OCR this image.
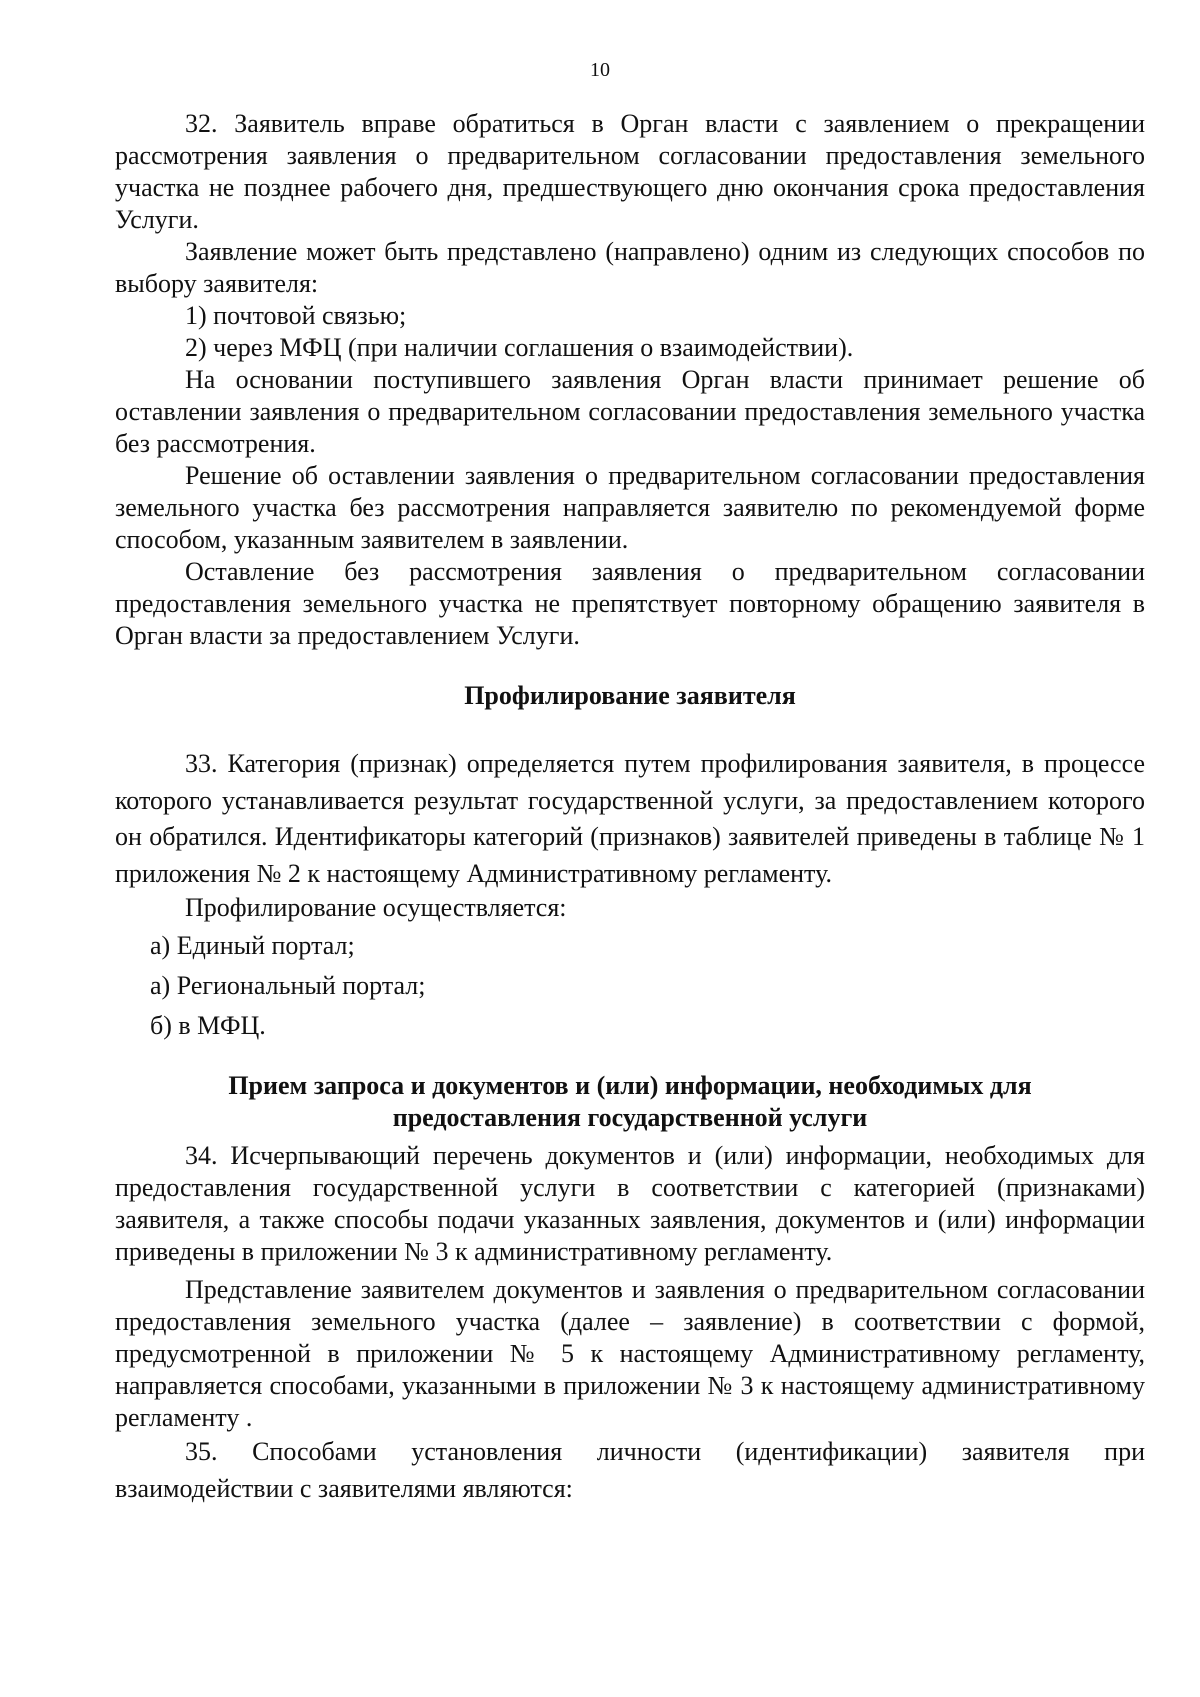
10

32. Заявитель вправе обратиться в Орган власти с заявлением о прекращении рассмотрения заявления о предварительном согласовании предоставления земельного участка не позднее рабочего дня, предшествующего дню окончания срока предоставления Услуги.

Заявление может быть представлено (направлено) одним из следующих способов по выбору заявителя:

1) почтовой связью;

2) через МФЦ (при наличии соглашения о взаимодействии).

На основании поступившего заявления Орган власти принимает решение об оставлении заявления о предварительном согласовании предоставления земельного участка без рассмотрения.

Решение об оставлении заявления о предварительном согласовании предоставления земельного участка без рассмотрения направляется заявителю по рекомендуемой форме способом, указанным заявителем в заявлении.

Оставление без рассмотрения заявления о предварительном согласовании предоставления земельного участка не препятствует повторному обращению заявителя в Орган власти за предоставлением Услуги.

Профилирование заявителя

33. Категория (признак) определяется путем профилирования заявителя, в процессе которого устанавливается результат государственной услуги, за предоставлением которого он обратился. Идентификаторы категорий (признаков) заявителей приведены в таблице № 1 приложения № 2 к настоящему Административному регламенту.

Профилирование осуществляется:

а) Единый портал;

а) Региональный портал;

б) в МФЦ.

Прием запроса и документов и (или) информации, необходимых для предоставления государственной услуги

34. Исчерпывающий перечень документов и (или) информации, необходимых для предоставления государственной услуги в соответствии с категорией (признаками) заявителя, а также способы подачи указанных заявления, документов и (или) информации приведены в приложении № 3 к административному регламенту.

Представление заявителем документов и заявления о предварительном согласовании предоставления земельного участка (далее – заявление) в соответствии с формой, предусмотренной в приложении № 5 к настоящему Административному регламенту, направляется способами, указанными в приложении № 3 к настоящему административному регламенту .

35. Способами установления личности (идентификации) заявителя при взаимодействии с заявителями являются:
